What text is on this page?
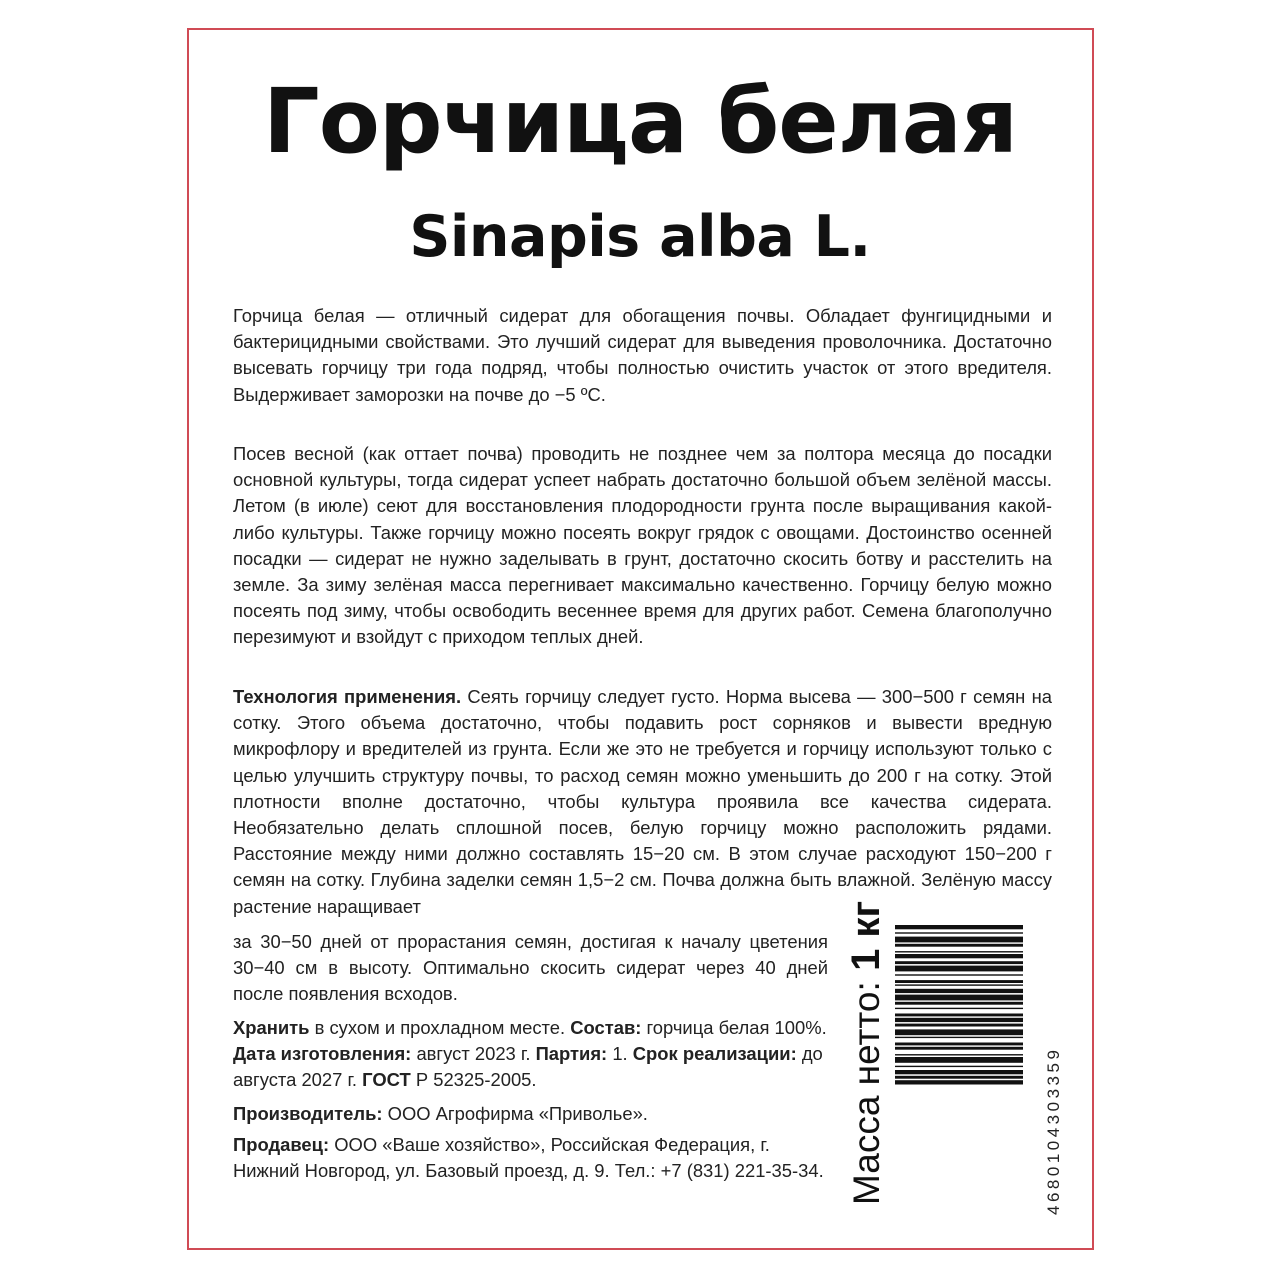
Горчица белая
Sinapis alba L.
Горчица белая — отличный сидерат для обогащения почвы. Обладает фунгицидными и бактерицидными свойствами. Это лучший сидерат для выведения проволочника. Достаточно высевать горчицу три года подряд, чтобы полностью очистить участок от этого вредителя. Выдерживает заморозки на почве до −5 ºС.
Посев весной (как оттает почва) проводить не позднее чем за полтора месяца до посадки основной культуры, тогда сидерат успеет набрать достаточно большой объем зелёной массы. Летом (в июле) сеют для восстановления плодородности грунта после выращивания какой-либо культуры. Также горчицу можно посеять вокруг грядок с овощами. Достоинство осенней посадки — сидерат не нужно заделывать в грунт, достаточно скосить ботву и расстелить на земле. За зиму зелёная масса перегнивает максимально качественно. Горчицу белую можно посеять под зиму, чтобы освободить весеннее время для других работ. Семена благополучно перезимуют и взойдут с приходом теплых дней.
Технология применения. Сеять горчицу следует густо. Норма высева — 300−500 г семян на сотку. Этого объема достаточно, чтобы подавить рост сорняков и вывести вредную микрофлору и вредителей из грунта. Если же это не требуется и горчицу используют только с целью улучшить структуру почвы, то расход семян можно уменьшить до 200 г на сотку. Этой плотности вполне достаточно, чтобы культура проявила все качества сидерата. Необязательно делать сплошной посев, белую горчицу можно расположить рядами. Расстояние между ними должно составлять 15−20 см. В этом случае расходуют 150−200 г семян на сотку. Глубина заделки семян 1,5−2 см. Почва должна быть влажной. Зелёную массу растение наращивает
за 30−50 дней от прорастания семян, достигая к началу цветения 30−40 см в высоту. Оптимально скосить сидерат через 40 дней после появления всходов.
Хранить в сухом и прохладном месте. Состав: горчица белая 100%. Дата изготовления: август 2023 г. Партия: 1. Срок реализации: до августа 2027 г. ГОСТ Р 52325-2005.
Производитель: ООО Агрофирма «Приволье».
Продавец: ООО «Ваше хозяйство», Российская Федерация, г. Нижний Новгород, ул. Базовый проезд, д. 9. Тел.: +7 (831) 221-35-34. Масса нетто: 1 кг
4680104303359
